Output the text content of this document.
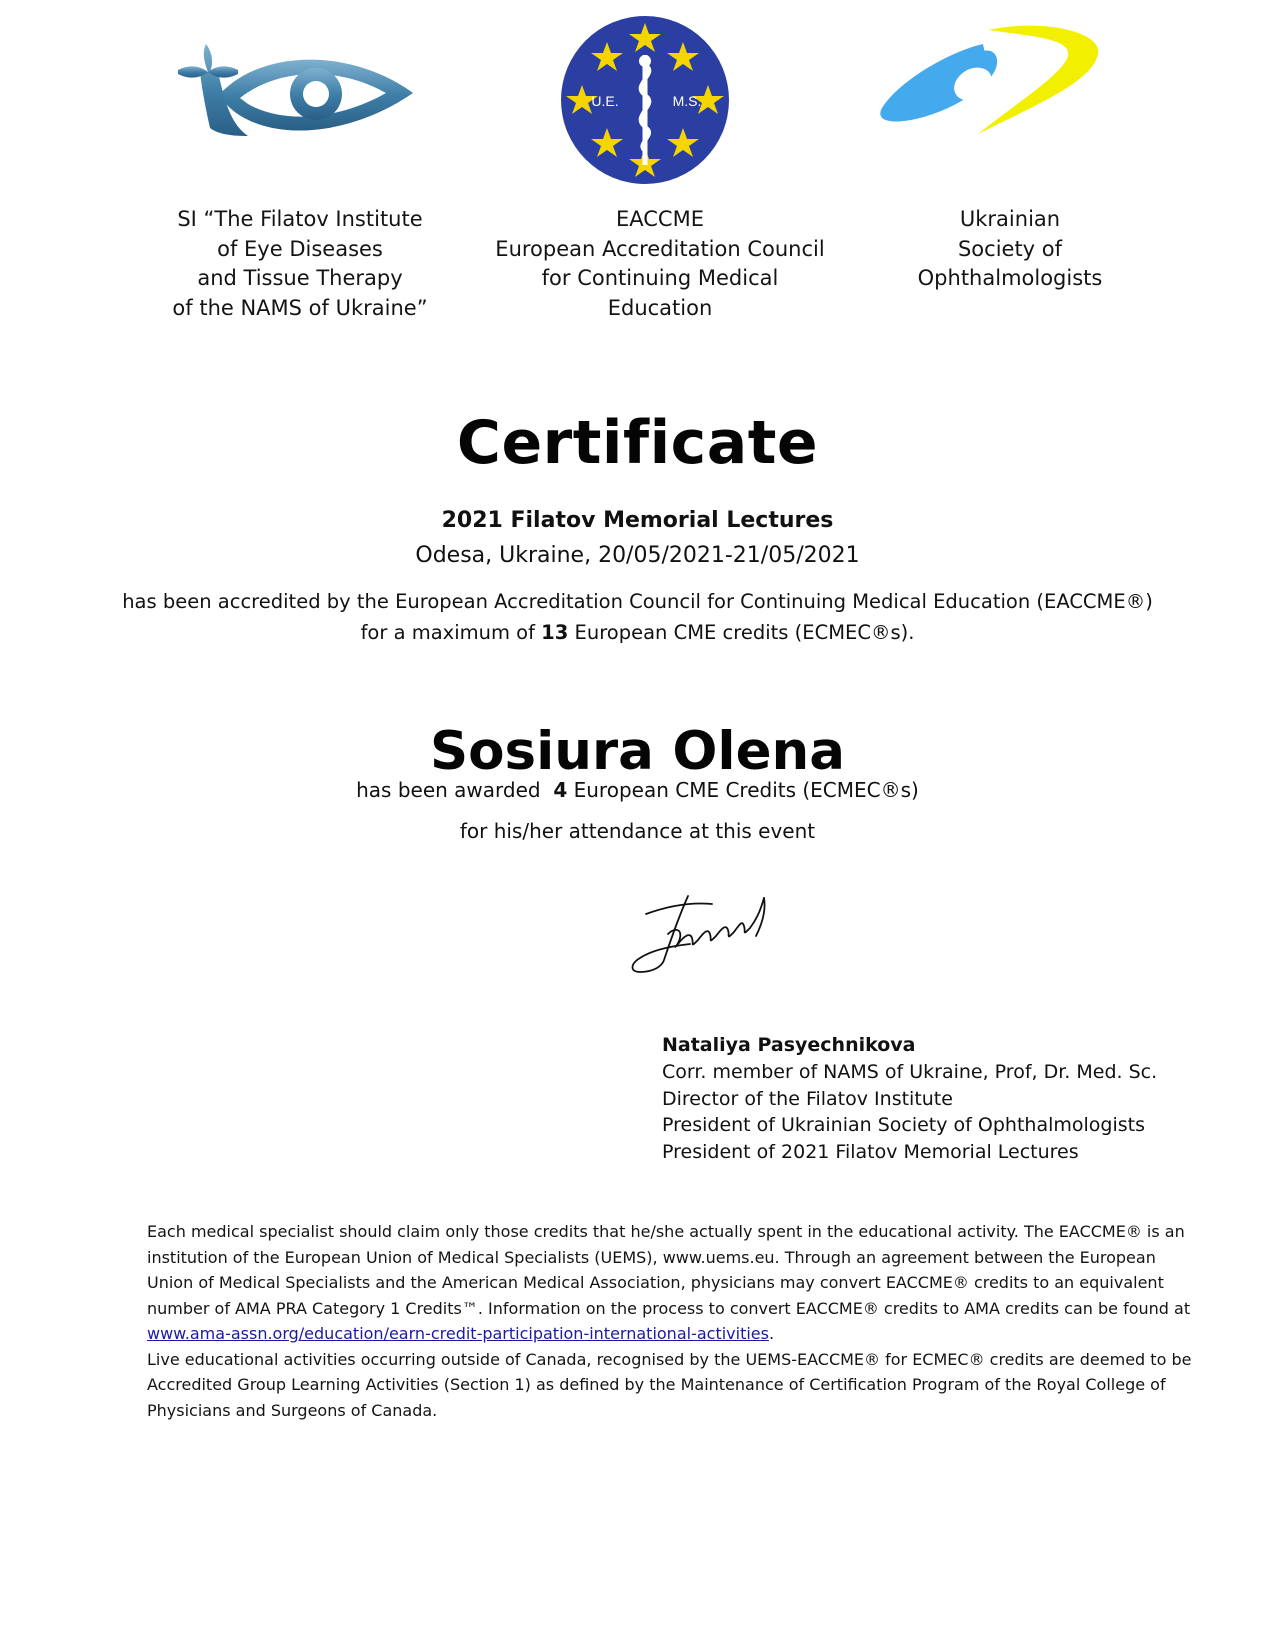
U.E.	M.S.
SI “The Filatov Institute
of Eye Diseases
and Tissue Therapy
of the NAMS of Ukraine”
EACCME
European Accreditation Council
for Continuing Medical
Education
Ukrainian
Society of
Ophthalmologists
Certificate
2021 Filatov Memorial Lectures
Odesa, Ukraine, 20/05/2021-21/05/2021
has been accredited by the European Accreditation Council for Continuing Medical Education (EACCME®)
for a maximum of 13 European CME credits (ECMEC®s).
Sosiura Olena
has been awarded  4 European CME Credits (ECMEC®s)
for his/her attendance at this event
Nataliya Pasyechnikova
Corr. member of NAMS of Ukraine, Prof, Dr. Med. Sc.
Director of the Filatov Institute
President of Ukrainian Society of Ophthalmologists
President of 2021 Filatov Memorial Lectures
Each medical specialist should claim only those credits that he/she actually spent in the educational activity. The EACCME® is an
institution of the European Union of Medical Specialists (UEMS), www.uems.eu. Through an agreement between the European
Union of Medical Specialists and the American Medical Association, physicians may convert EACCME® credits to an equivalent
number of AMA PRA Category 1 Credits™. Information on the process to convert EACCME® credits to AMA credits can be found at
www.ama-assn.org/education/earn-credit-participation-international-activities.
Live educational activities occurring outside of Canada, recognised by the UEMS-EACCME® for ECMEC® credits are deemed to be
Accredited Group Learning Activities (Section 1) as defined by the Maintenance of Certification Program of the Royal College of
Physicians and Surgeons of Canada.
